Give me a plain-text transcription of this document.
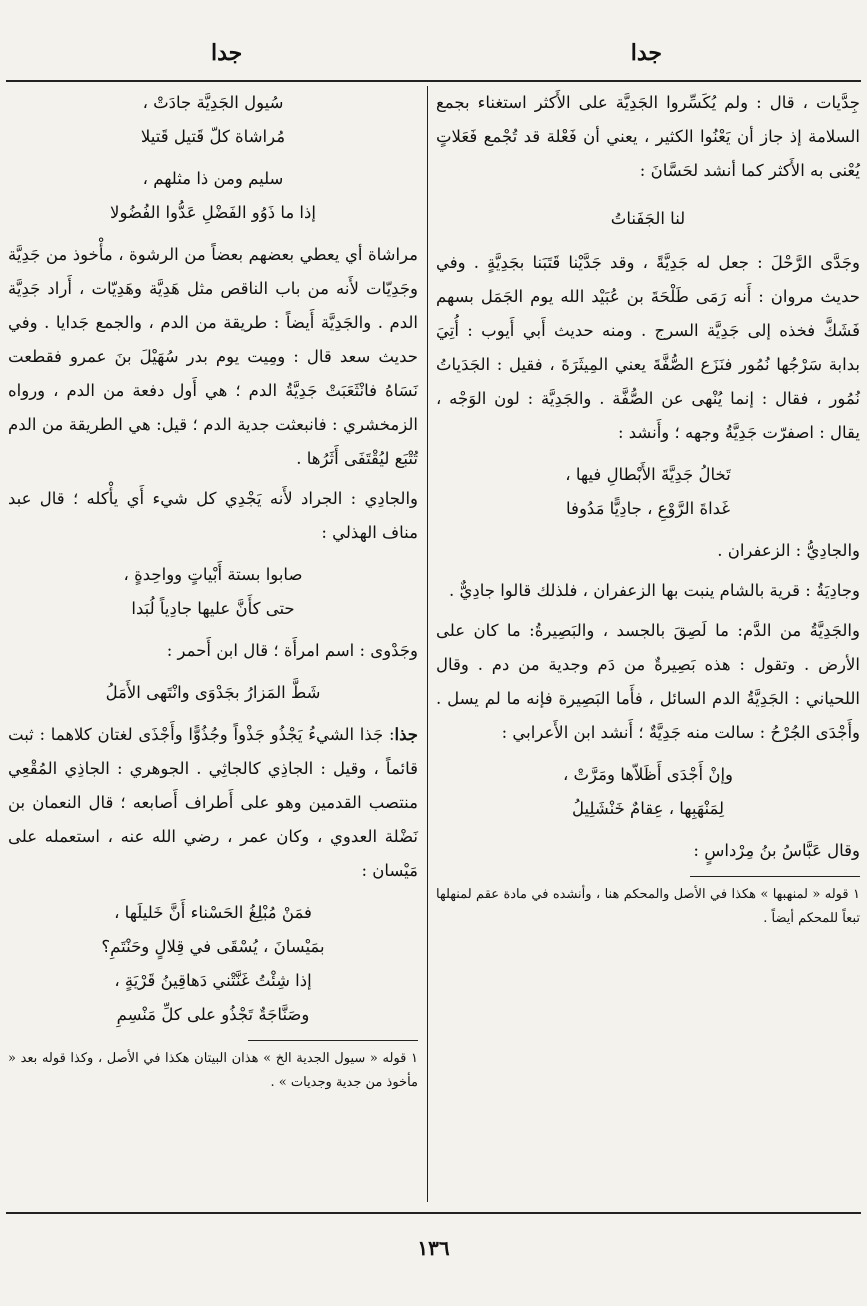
جدا
جدا

جِدَّيات ، قال : ولم يُكَسِّروا الجَدِيَّة على الأَكثر استغناء بجمع السلامة إذ جاز أن يَعْنُوا الكثير ، يعني أن فَعْلة قد تُجْمع فَعَلاتٍ يُعْنى به الأَكثر كما أنشد لحَسَّانَ :

لنا الجَفَناتُ

وجَدَّى الرَّحْلَ : جعل له جَدِيَّةً ، وقد جَدَّيْنا قَتَبَنا بجَدِيَّةٍ . وفي حديث مروان : أَنه رَمَى طَلْحَةَ بن عُبَيْد الله يوم الجَمَل بسهم فَشَكَّ فخذه إلى جَدِيَّة السرج . ومنه حديث أَبي أَيوب : أُتِيَ بدابة سَرْجُها نُمُور فنَزَع الصُّفَّةَ يعني المِيثَرَةَ ، فقيل : الجَدَياتُ نُمُور ، فقال : إنما يُنْهى عن الصُّفَّة . والجَدِيَّة : لون الوَجْه ، يقال : اصفرّت جَدِيَّةُ وجهه ؛ وأَنشد :

تَخالُ جَدِيَّةَ الأَبْطالِ فيها ،
غَداةَ الرَّوْعِ ، جادِيًّا مَدُوفا

والجادِيُّ : الزعفران .

وجادِيَةُ : قرية بالشام ينبت بها الزعفران ، فلذلك قالوا جادِيٌّ .

والجَدِيَّةُ من الدَّم: ما لَصِقَ بالجسد ، والبَصِيرةُ: ما كان على الأرض . وتقول : هذه بَصِيرةٌ من دَم وجدية من دم . وقال اللحياني : الجَدِيَّةُ الدم السائل ، فأَما البَصِيرة فإنه ما لم يسل . وأَجْدَى الجُرْحُ : سالت منه جَدِيَّةٌ ؛ أَنشد ابن الأَعرابي :

وإنْ أَجْدَى أَظَلاّها ومَرَّتْ ،
لِمَنْهَبِها ، عِقامٌ خَنْشَلِيلُ

وقال عَبَّاسُ بنُ مِرْداسٍ :

١ قوله « لمنهبها » هكذا في الأصل والمحكم هنا ، وأنشده في مادة عقم لمنهلها تبعاً للمحكم أيضاً .
سُيول الجَدِيَّة جادَتْ ،
مُراشاة كلّ قَتيل قَتيلا
سليم ومن ذا مثلهم ،
إذا ما ذَوُو الفَضْلِ عَدُّوا الفُضُولا

مراشاة أي يعطي بعضهم بعضاً من الرشوة ، مأْخوذ من جَدِيَّة وجَدِيّات لأَنه من باب الناقص مثل هَدِيَّة وهَدِيّات ، أَراد جَدِيَّة الدم . والجَدِيَّة أَيضاً : طريقة من الدم ، والجمع جَدايا . وفي حديث سعد قال : ومِيت يوم بدر سُهَيْلَ بنَ عمرو فقطعت نَسَاهُ فانْثَعَبَتْ جَدِيَّةُ الدم ؛ هي أَول دفعة من الدم ، ورواه الزمخشري : فانبعثت جدية الدم ؛ قيل: هي الطريقة من الدم تُتْبَع ليُقْتَفَى أَثَرُها .

والجادِي : الجراد لأَنه يَجْدِي كل شيء أَي يأْكله ؛ قال عبد مناف الهذلي :

صابوا بستة أَبْياتٍ وواحِدةٍ ،
حتى كأَنَّ عليها جادِياً لُبَدا

وجَدْوى : اسم امرأَة ؛ قال ابن أَحمر :

شَطَّ المَزارُ بجَدْوَى وانْتَهى الأَمَلُ

جذا: جَذا الشيءُ يَجْذُو جَذْواً وجُذُوًّا وأَجْذَى لغتان كلاهما : ثبت قائماً ، وقيل : الجاذِي كالجاثِي . الجوهري : الجاذِي المُقْعِي منتصب القدمين وهو على أَطراف أَصابعه ؛ قال النعمان بن نَضْلة العدوي ، وكان عمر ، رضي الله عنه ، استعمله على مَيْسان :

فمَنْ مُبْلِغُ الحَسْناء أَنَّ خَليلَها ،
بمَيْسانَ ، يُسْقَى في قِلالٍ وحَنْتَمِ؟
إذا شِئْتُ غَنَّتْني دَهاقِينُ قَرْيَةٍ ،
وصَنَّاجَةٌ تَجْذُو على كلِّ مَنْسِمِ
١ قوله « سيول الجدية الخ » هذان البيتان هكذا في الأصل ، وكذا قوله بعد « مأخوذ من جدية وجديات » .
١٣٦
